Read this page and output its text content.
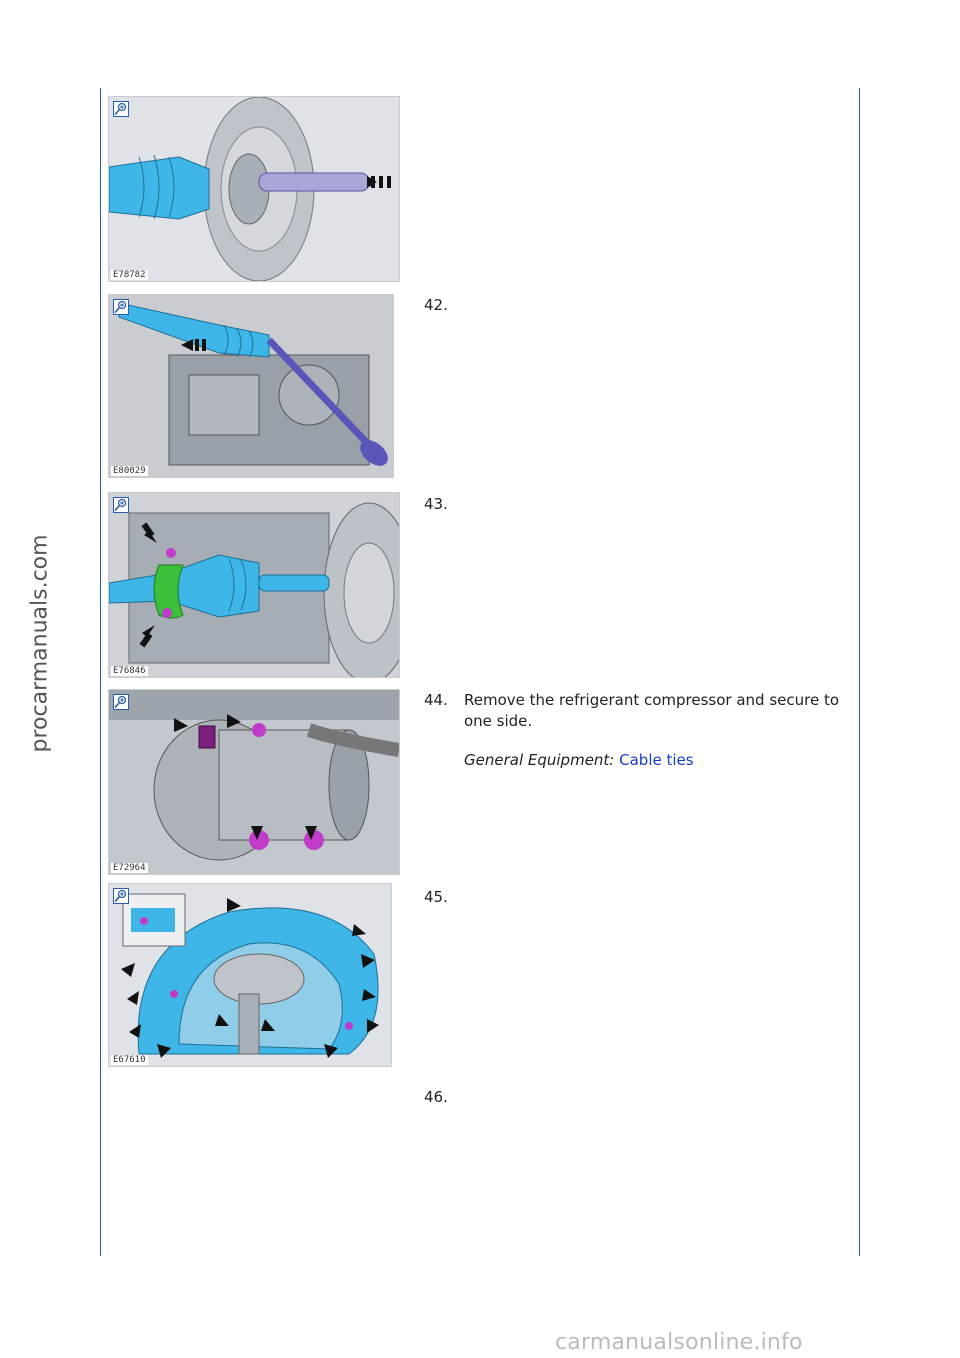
procarmanuals.com
carmanualsonline.info
E78782
42.
E80029
43.
E76846
44. Remove the refrigerant compressor and secure to one side.
General Equipment: Cable ties
E72964
45.
E67610
46.
